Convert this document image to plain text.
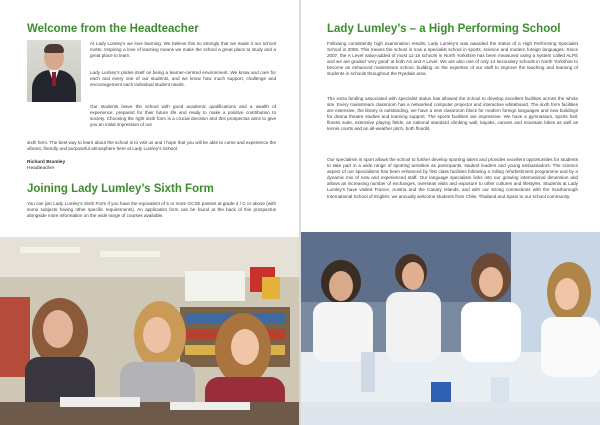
Welcome from the Headteacher

At Lady Lumley’s we love learning. We believe this so strongly that we made it our school motto. Inspiring a love of learning means we make the school a great place to study and a great place to learn.

Lady Lumley’s prides itself on being a learner-centred environment. We know and care for each and every one of our students, and we know how much support, challenge and encouragement each individual student needs.

Our students leave the school with good academic qualifications and a wealth of experience; prepared for their future life and ready to make a positive contribution to society. Choosing the right sixth form is a crucial decision and this prospectus aims to give you an initial impression of our

sixth form. The best way to learn about the school is to visit us and I hope that you will be able to come and experience the vibrant, friendly and purposeful atmosphere here at Lady Lumley’s School.

Richard Bramley
Headteacher
Joining Lady Lumley’s Sixth Form

You can join Lady Lumley’s Sixth Form if you have the equivalent of 5 or more GCSE passes at grade 4 / C or above (with some subjects having other specific requirements). An application form can be found at the back of this prospectus alongside more information on the wide range of courses available.

Lady Lumley’s – a High Performing School

Following consistently high examination results, Lady Lumley’s was awarded the status of a High Performing Specialist School in 2008. This means the school is now a specialist school in sports, science and modern foreign languages. Since 2007, the A Level value-added of most 11-18 schools in North Yorkshire has been measured using a system called ALPS and we are graded ‘very good’ at both AS and A Level. We are also one of only 14 secondary schools in North Yorkshire to become an enhanced mainstream school, building on the expertise of our staff to improve the teaching and learning of students in schools throughout the Ryedale area.

The extra funding associated with specialist status has allowed the school to develop excellent facilities across the whole site. Every mainstream classroom has a networked computer projector and interactive whiteboard. The sixth form facilities are extensive, the library is outstanding, we have a new classroom block for modern foreign languages and new buildings for drama theatre studies and learning support. The sports facilities are impressive. We have a gymnasium, sports hall, fitness suite, extensive playing fields, an national standard climbing wall, kayaks, canoes and mountain bikes as well as tennis courts and an all-weather pitch, both floodlit.

Our specialism in sport allows the school to further develop sporting talent and provides excellent opportunities for students to take part in a wide range of sporting activities as participants, student leaders and young ambassadors. The science aspect of our specialisms has been enhanced by first class facilities following a rolling refurbishment programme and by a dynamic mix of new and experienced staff. Our language specialism links into our growing international dimension and allows an increasing number of exchanges, overseas visits and exposure to other cultures and lifestyles. Students at Lady Lumley’s have visited France, Austria and the Canary Islands, and with our strong connections with the Scarborough International School of English, we annually welcome students from Chile, Thailand and Spain to our school community.
